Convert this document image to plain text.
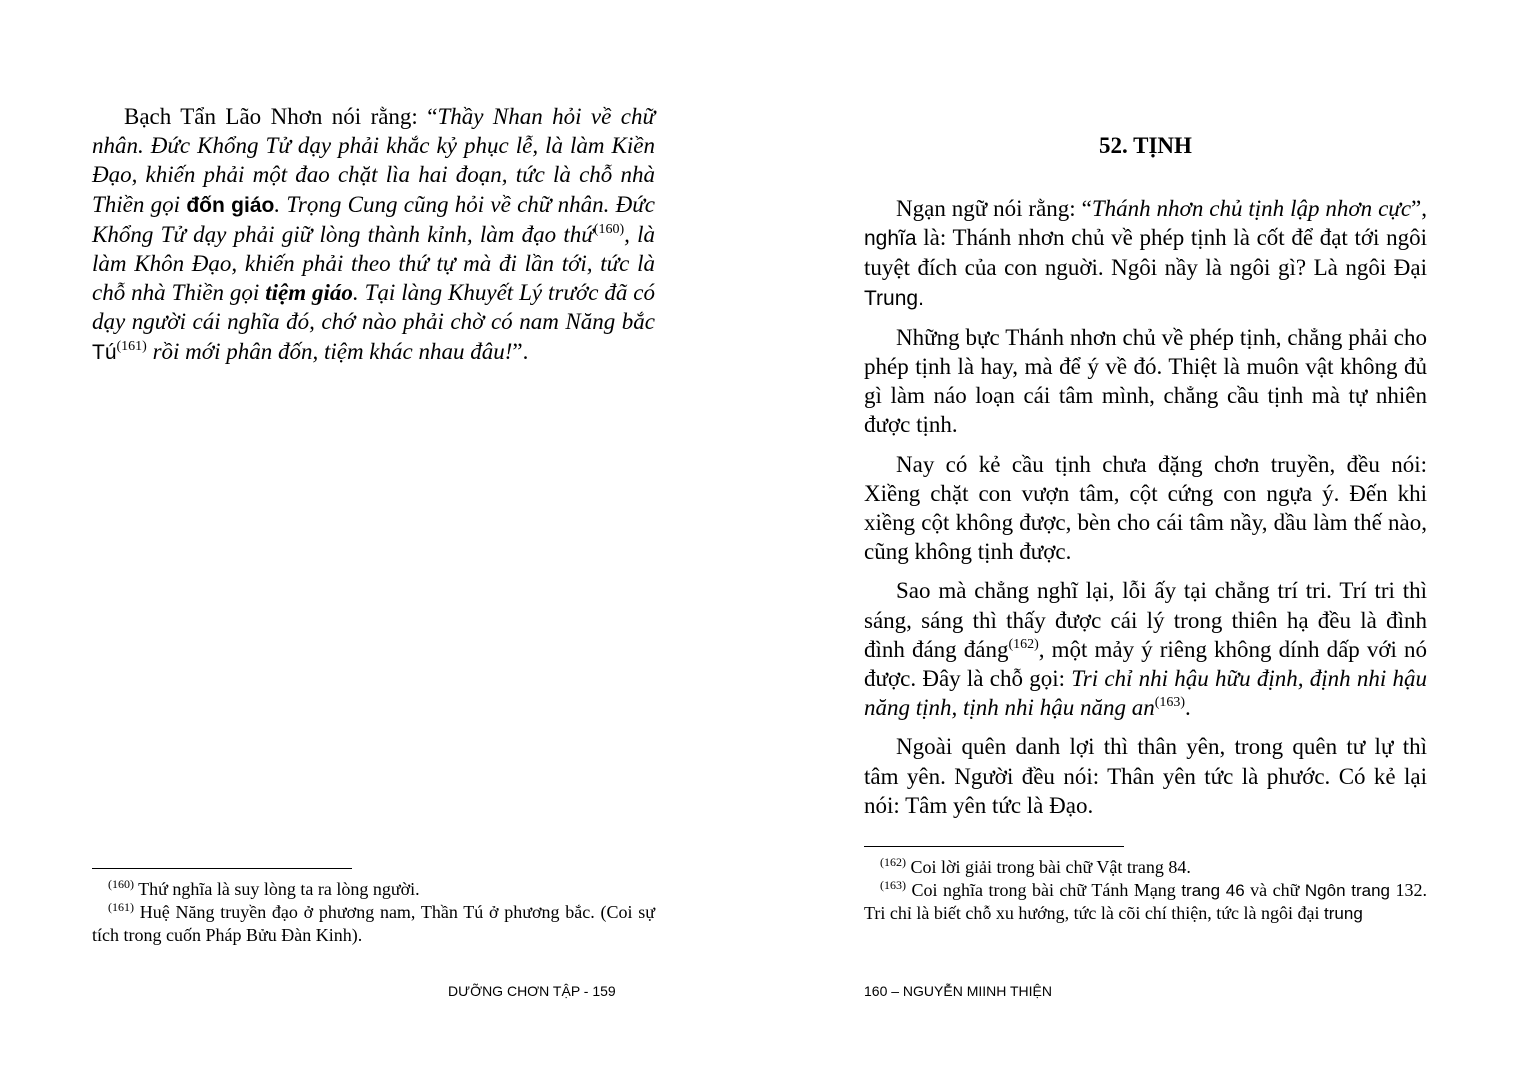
Bạch Tẩn Lão Nhơn nói rằng: “Thầy Nhan hỏi về chữ nhân. Đức Khổng Tử dạy phải khắc kỷ phục lễ, là làm Kiền Đạo, khiến phải một đao chặt lìa hai đoạn, tức là chỗ nhà Thiền gọi đốn giáo. Trọng Cung cũng hỏi về chữ nhân. Đức Khổng Tử dạy phải giữ lòng thành kỉnh, làm đạo thứ$^{(160)}$, là làm Khôn Đạo, khiến phải theo thứ tự mà đi lần tới, tức là chỗ nhà Thiền gọi tiệm giáo. Tại làng Khuyết Lý trước đã có dạy người cái nghĩa đó, chớ nào phải chờ có nam Năng bắc $Tú^{(161)}$ rồi mới phân đốn, tiệm khác nhau đâu!”.

$^{(160)}$ Thứ nghĩa là suy lòng ta ra lòng người.

$^{(161)}$ Huệ Năng truyền đạo ở phương nam, Thần Tú ở phương bắc. (Coi sự tích trong cuốn Pháp Bửu Đàn Kinh).

DƯỠNG CHƠN TẬP - 159
52. TỊNH

Ngạn ngữ nói rằng: “Thánh nhơn chủ tịnh lập nhơn cực”, nghĩa là: Thánh nhơn chủ về phép tịnh là cốt để đạt tới ngôi tuyệt đích của con nguời. Ngôi nầy là ngôi gì? Là ngôi Đại Trung.

Những bực Thánh nhơn chủ về phép tịnh, chẳng phải cho phép tịnh là hay, mà để ý về đó. Thiệt là muôn vật không đủ gì làm náo loạn cái tâm mình, chẳng cầu tịnh mà tự nhiên được tịnh.

Nay có kẻ cầu tịnh chưa đặng chơn truyền, đều nói: Xiềng chặt con vượn tâm, cột cứng con ngựa ý. Đến khi xiềng cột không được, bèn cho cái tâm nầy, dầu làm thế nào, cũng không tịnh được.

Sao mà chẳng nghĩ lại, lỗi ấy tại chẳng trí tri. Trí tri thì sáng, sáng thì thấy được cái lý trong thiên hạ đều là đình đình đáng đáng$^{(162)}$, một mảy ý riêng không dính dấp với nó được. Đây là chỗ gọi: Tri chỉ nhi hậu hữu định, định nhi hậu năng tịnh, tịnh nhi hậu năng $an^{(163)}$.

Ngoài quên danh lợi thì thân yên, trong quên tư lự thì tâm yên. Người đều nói: Thân yên tức là phước. Có kẻ lại nói: Tâm yên tức là Đạo.

$^{(162)}$ Coi lời giải trong bài chữ Vật trang 84.

$^{(163)}$ Coi nghĩa trong bài chữ Tánh Mạng trang 46 và chữ Ngôn trang 132. Tri chỉ là biết chỗ xu hướng, tức là cõi chí thiện, tức là ngôi đại trung

160 – NGUYỄN MIINH THIỆN
